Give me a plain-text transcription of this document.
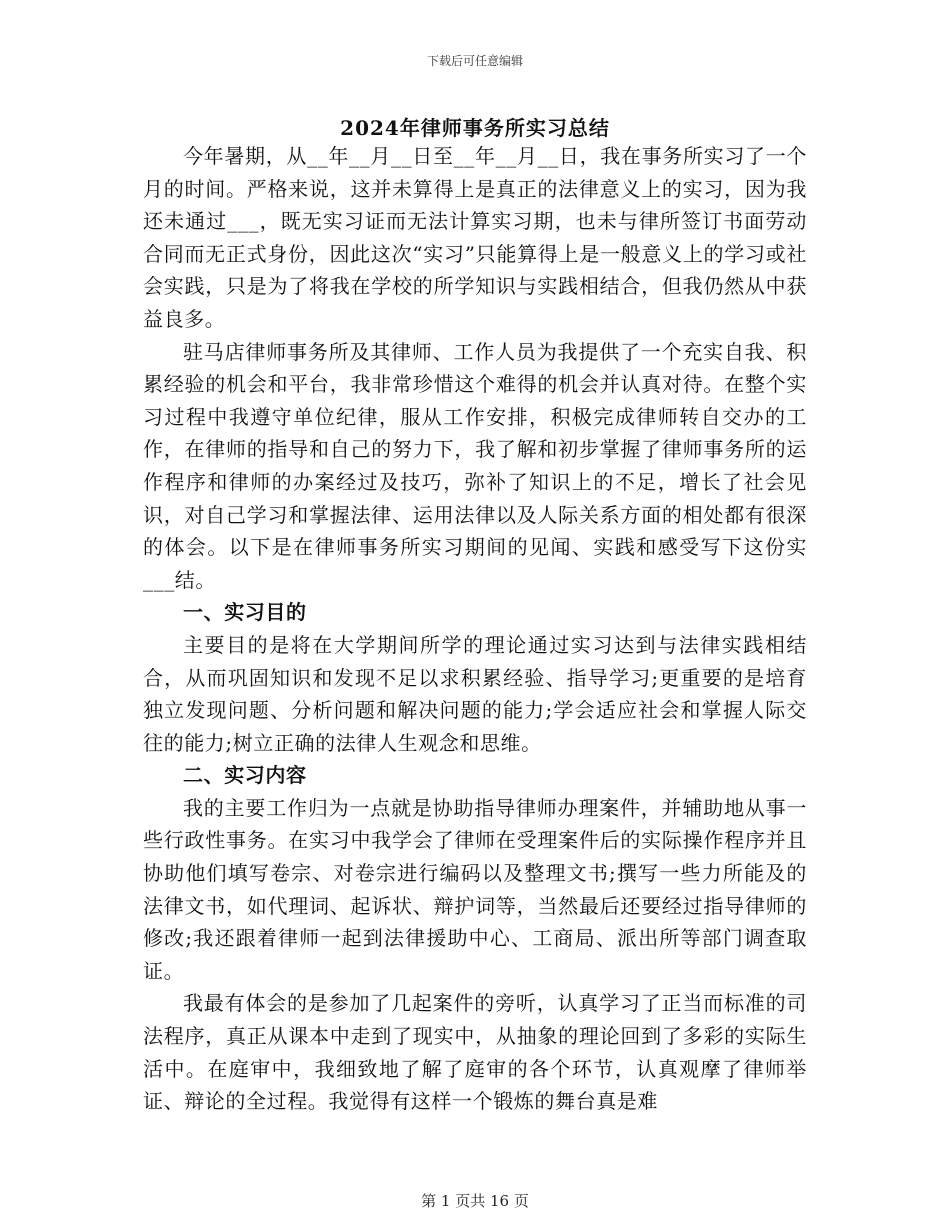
下载后可任意编辑
2024年律师事务所实习总结

今年暑期，从__年__月__日至__年__月__日，我在事务所实习了一个月的时间。严格来说，这并未算得上是真正的法律意义上的实习，因为我还未通过___，既无实习证而无法计算实习期，也未与律所签订书面劳动合同而无正式身份，因此这次“实习”只能算得上是一般意义上的学习或社会实践，只是为了将我在学校的所学知识与实践相结合，但我仍然从中获益良多。

驻马店律师事务所及其律师、工作人员为我提供了一个充实自我、积累经验的机会和平台，我非常珍惜这个难得的机会并认真对待。在整个实习过程中我遵守单位纪律，服从工作安排，积极完成律师转自交办的工作，在律师的指导和自己的努力下，我了解和初步掌握了律师事务所的运作程序和律师的办案经过及技巧，弥补了知识上的不足，增长了社会见识，对自己学习和掌握法律、运用法律以及人际关系方面的相处都有很深的体会。以下是在律师事务所实习期间的见闻、实践和感受写下这份实___结。

一、实习目的

主要目的是将在大学期间所学的理论通过实习达到与法律实践相结合，从而巩固知识和发现不足以求积累经验、指导学习;更重要的是培育独立发现问题、分析问题和解决问题的能力;学会适应社会和掌握人际交往的能力;树立正确的法律人生观念和思维。

二、实习内容

我的主要工作归为一点就是协助指导律师办理案件，并辅助地从事一些行政性事务。在实习中我学会了律师在受理案件后的实际操作程序并且协助他们填写卷宗、对卷宗进行编码以及整理文书;撰写一些力所能及的法律文书，如代理词、起诉状、辩护词等，当然最后还要经过指导律师的修改;我还跟着律师一起到法律援助中心、工商局、派出所等部门调查取证。

我最有体会的是参加了几起案件的旁听，认真学习了正当而标准的司法程序，真正从课本中走到了现实中，从抽象的理论回到了多彩的实际生活中。在庭审中，我细致地了解了庭审的各个环节，认真观摩了律师举证、辩论的全过程。我觉得有这样一个锻炼的舞台真是难

第 1 页共 16 页
